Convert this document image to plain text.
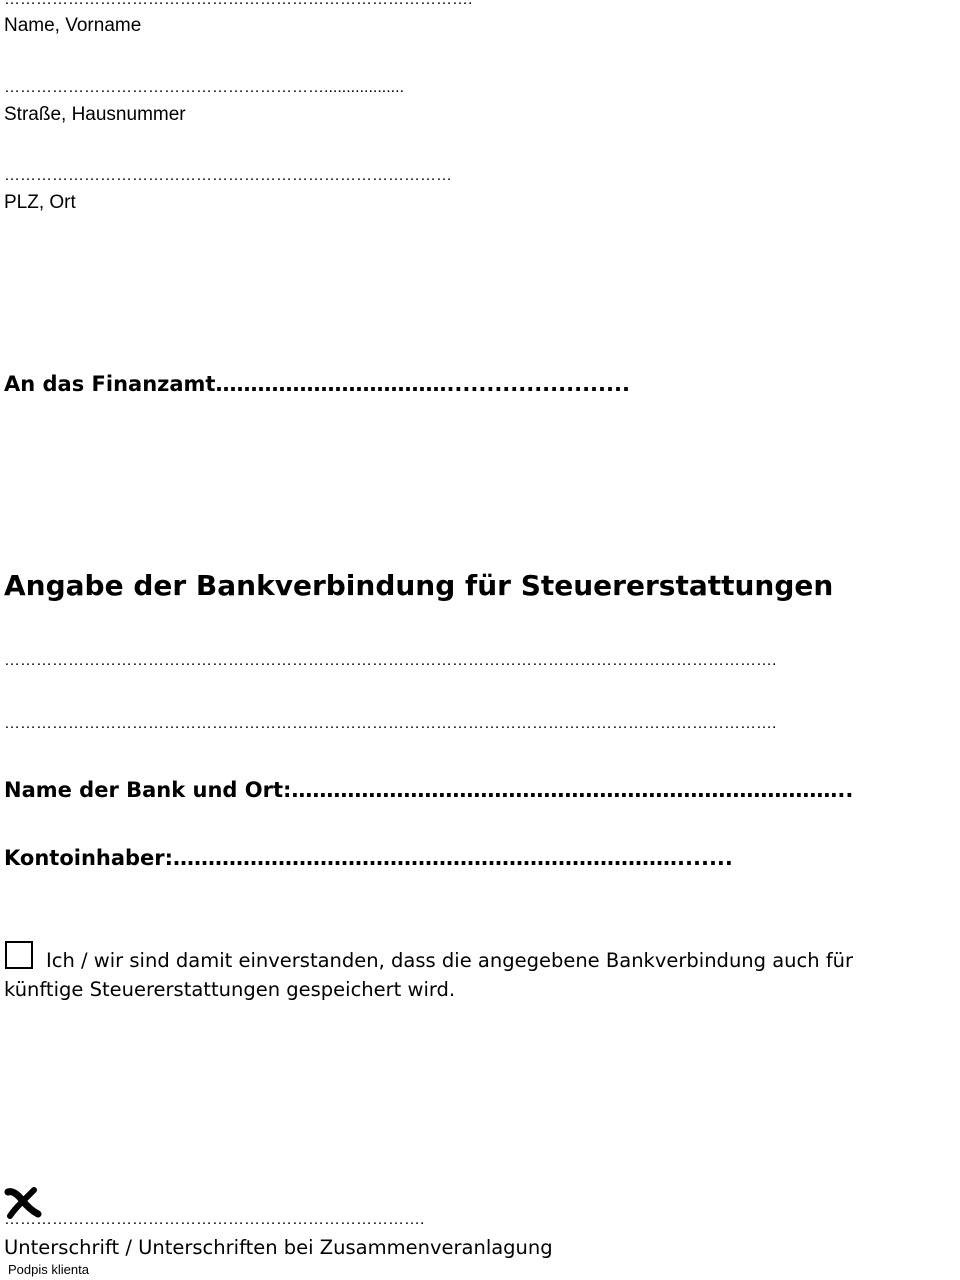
Name, Vorname
……………………………………………………..................
Straße, Hausnummer
…………………………………………………………………………
PLZ, Ort
An das Finanzamt…………………………….......................
Angabe der Bankverbindung für Steuererstattungen
……………………………………………………………………………………………………………………………….
……………………………………………………………………………………………………………………………….
Name der Bank und Ort:……………………………………………………………………..
Kontoinhaber:……………………………………………………………….......
Ich / wir sind damit einverstanden, dass die angegebene Bankverbindung auch für
künftige Steuererstattungen gespeichert wird.
…………………………………………………………………….
Unterschrift / Unterschriften bei Zusammenveranlagung
Podpis klienta
